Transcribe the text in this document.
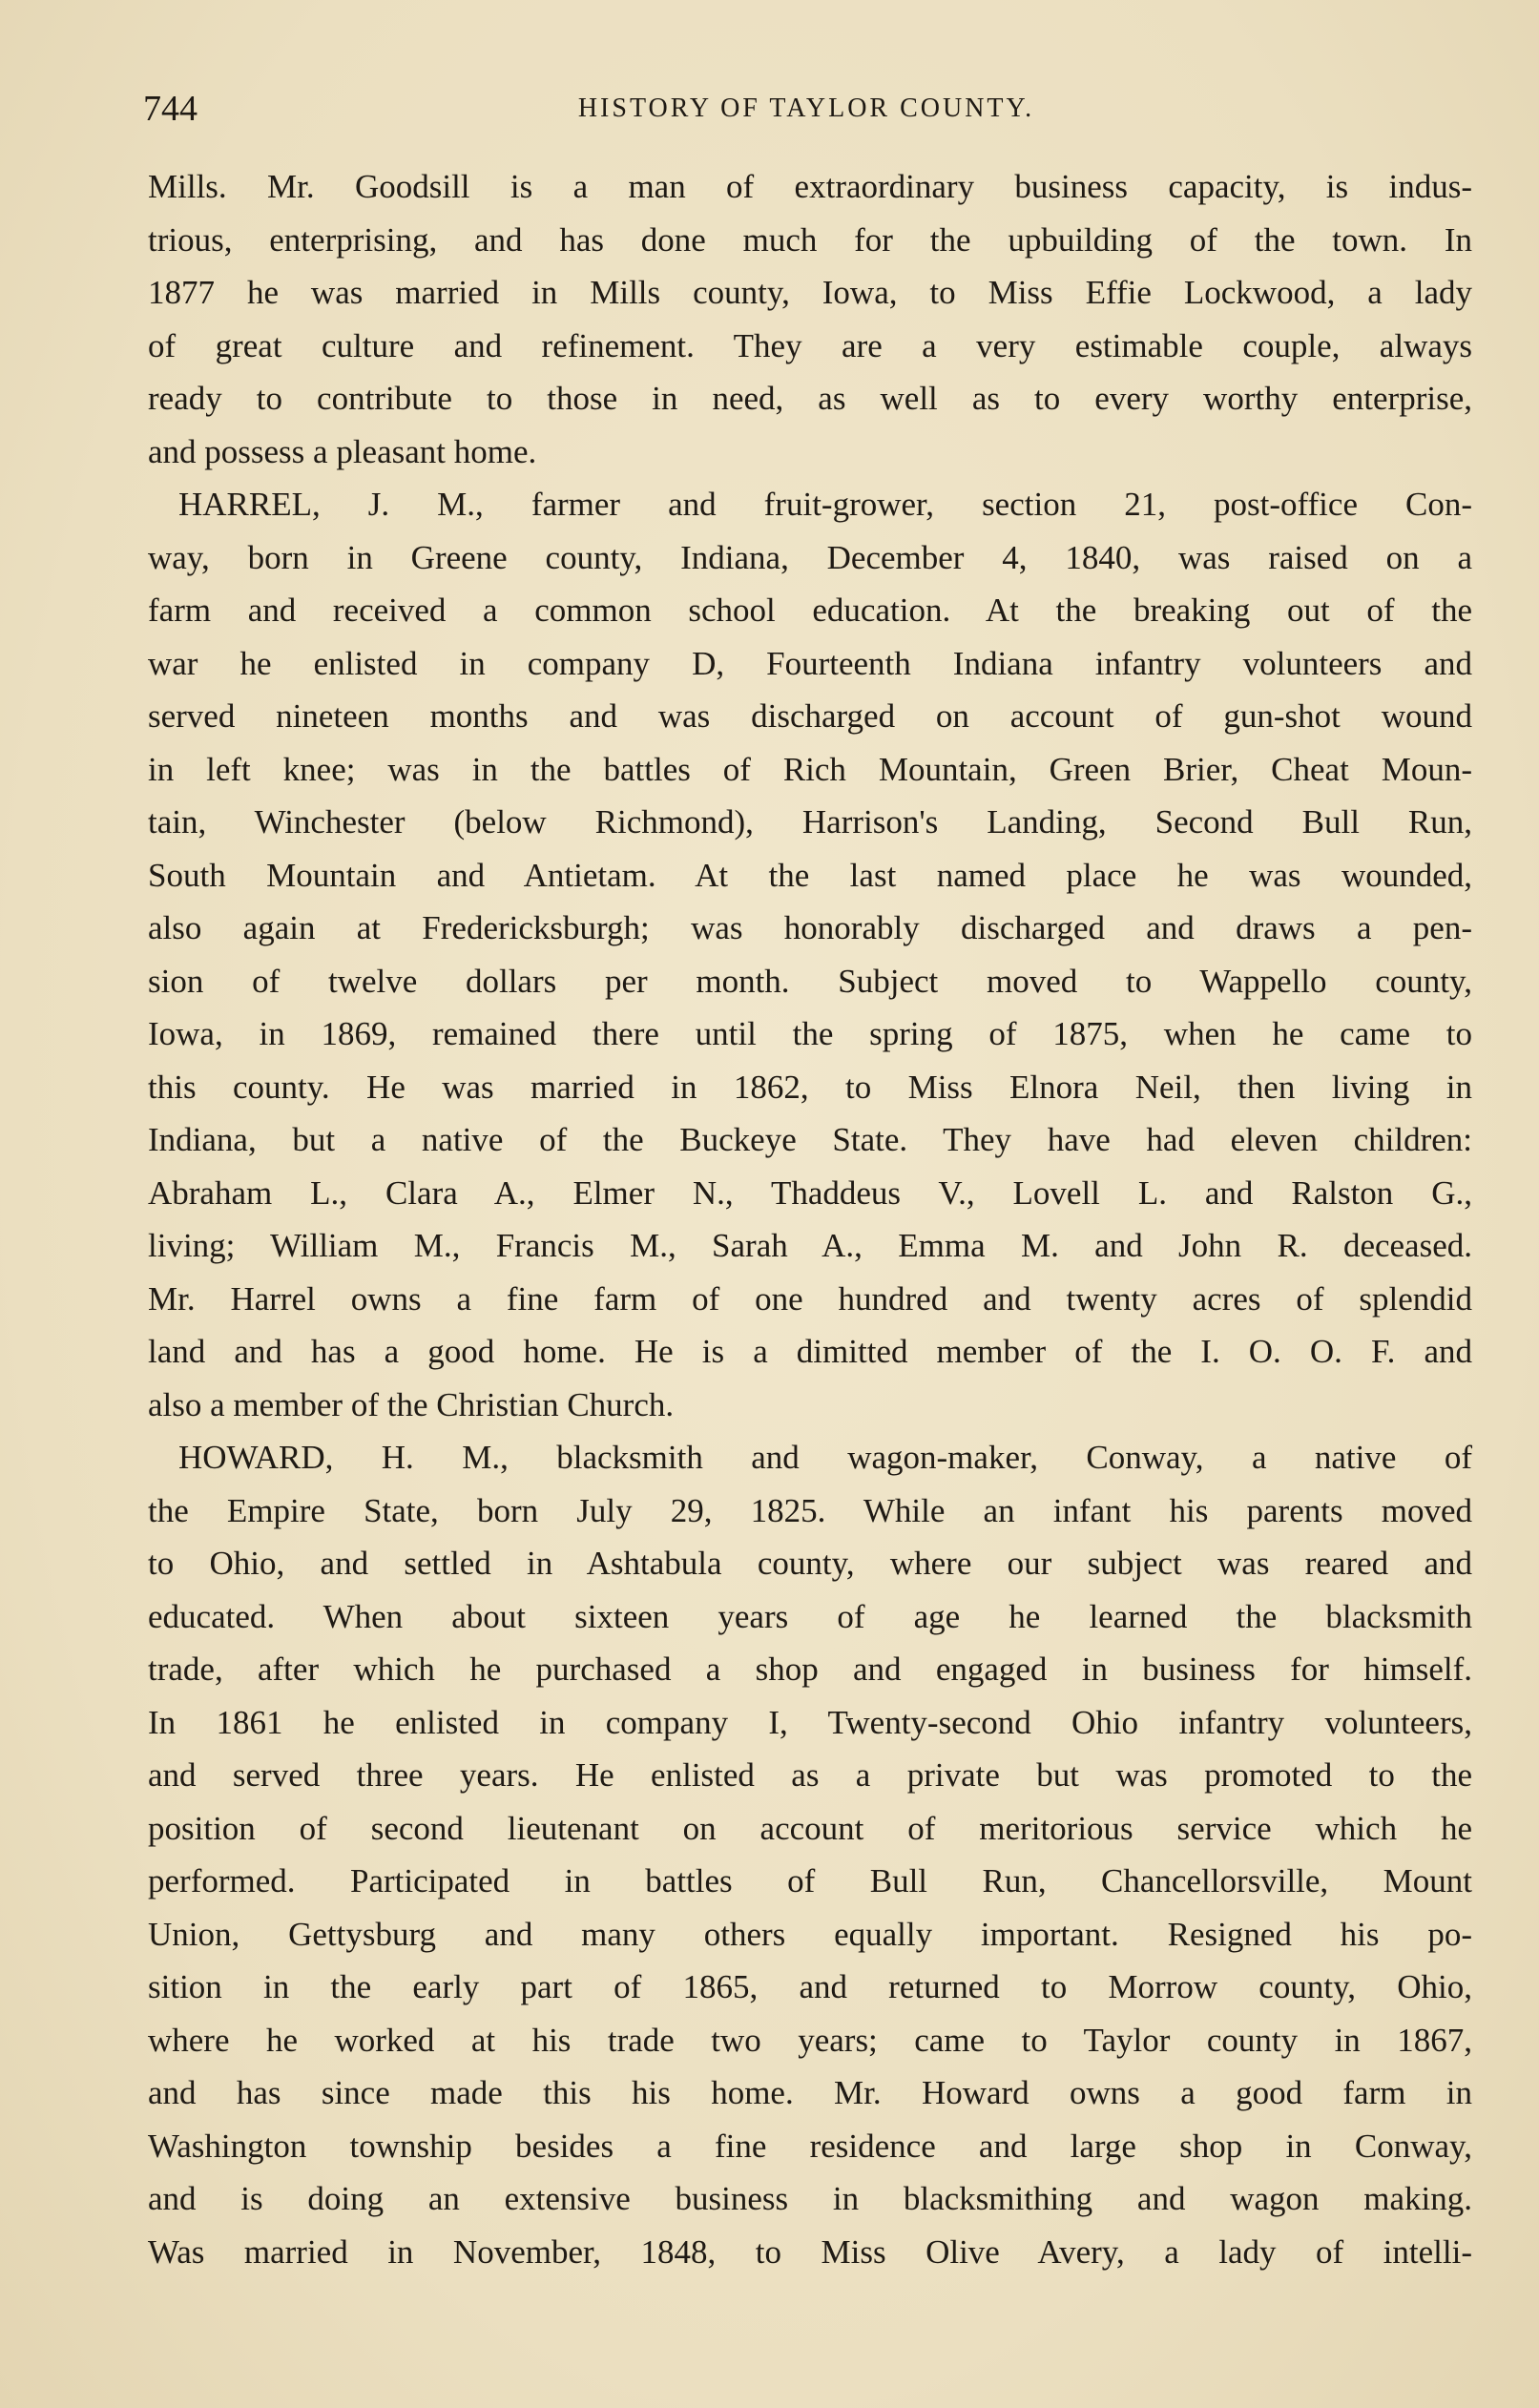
744	HISTORY OF TAYLOR COUNTY.
Mills. Mr. Goodsill is a man of extraordinary business capacity, is indus-
trious, enterprising, and has done much for the upbuilding of the town. In
1877 he was married in Mills county, Iowa, to Miss Effie Lockwood, a lady
of great culture and refinement. They are a very estimable couple, always
ready to contribute to those in need, as well as to every worthy enterprise,
and possess a pleasant home.
HARREL, J. M., farmer and fruit-grower, section 21, post-office Con-
way, born in Greene county, Indiana, December 4, 1840, was raised on a
farm and received a common school education. At the breaking out of the
war he enlisted in company D, Fourteenth Indiana infantry volunteers and
served nineteen months and was discharged on account of gun-shot wound
in left knee; was in the battles of Rich Mountain, Green Brier, Cheat Moun-
tain, Winchester (below Richmond), Harrison's Landing, Second Bull Run,
South Mountain and Antietam. At the last named place he was wounded,
also again at Fredericksburgh; was honorably discharged and draws a pen-
sion of twelve dollars per month. Subject moved to Wappello county,
Iowa, in 1869, remained there until the spring of 1875, when he came to
this county. He was married in 1862, to Miss Elnora Neil, then living in
Indiana, but a native of the Buckeye State. They have had eleven children:
Abraham L., Clara A., Elmer N., Thaddeus V., Lovell L. and Ralston G.,
living; William M., Francis M., Sarah A., Emma M. and John R. deceased.
Mr. Harrel owns a fine farm of one hundred and twenty acres of splendid
land and has a good home. He is a dimitted member of the I. O. O. F. and
also a member of the Christian Church.
HOWARD, H. M., blacksmith and wagon-maker, Conway, a native of
the Empire State, born July 29, 1825. While an infant his parents moved
to Ohio, and settled in Ashtabula county, where our subject was reared and
educated. When about sixteen years of age he learned the blacksmith
trade, after which he purchased a shop and engaged in business for himself.
In 1861 he enlisted in company I, Twenty-second Ohio infantry volunteers,
and served three years. He enlisted as a private but was promoted to the
position of second lieutenant on account of meritorious service which he
performed. Participated in battles of Bull Run, Chancellorsville, Mount
Union, Gettysburg and many others equally important. Resigned his po-
sition in the early part of 1865, and returned to Morrow county, Ohio,
where he worked at his trade two years; came to Taylor county in 1867,
and has since made this his home. Mr. Howard owns a good farm in
Washington township besides a fine residence and large shop in Conway,
and is doing an extensive business in blacksmithing and wagon making.
Was married in November, 1848, to Miss Olive Avery, a lady of intelli-
